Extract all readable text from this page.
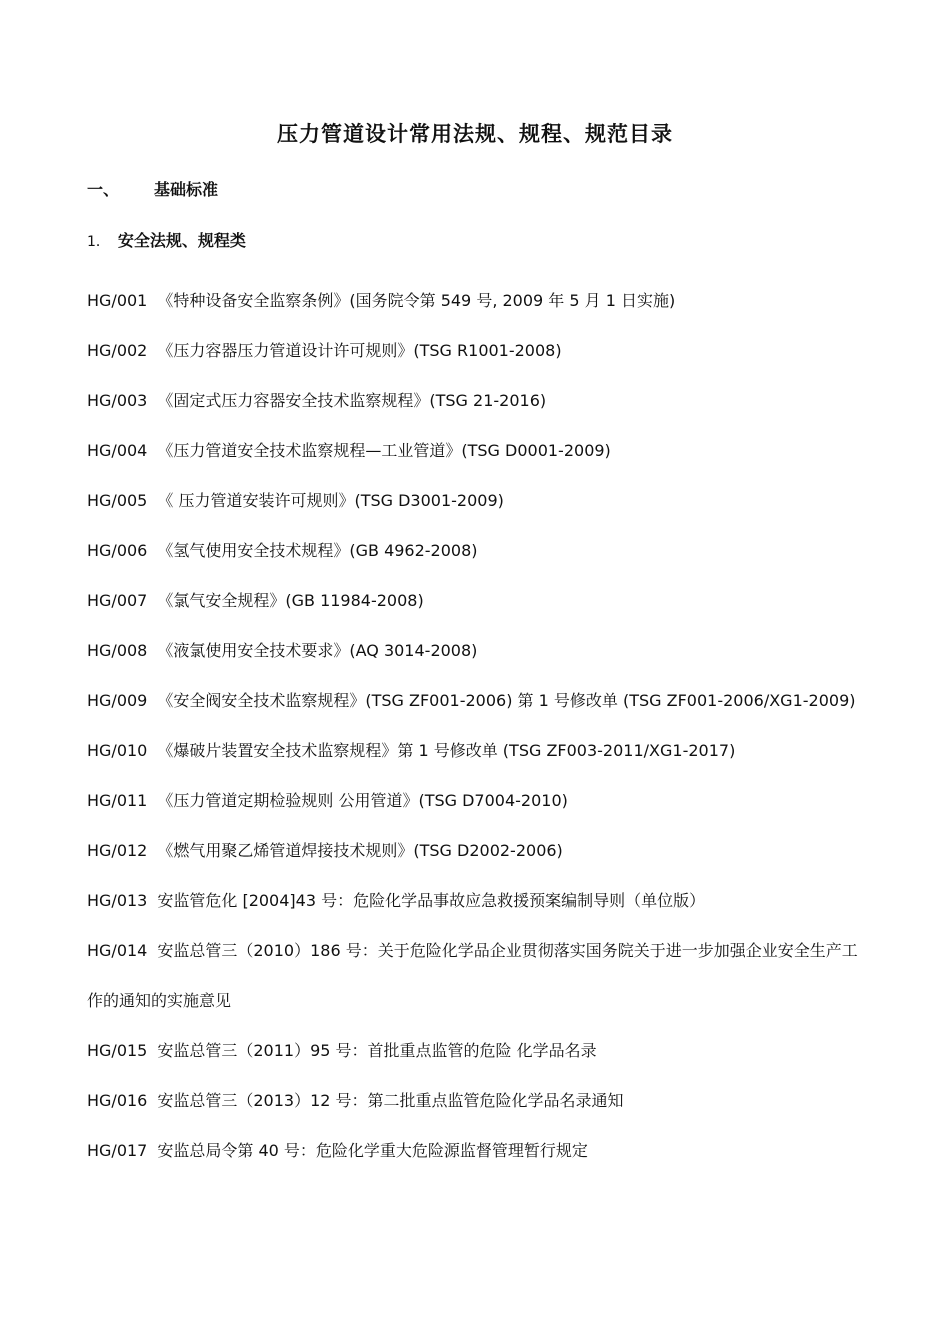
压力管道设计常用法规、规程、规范目录
一、 基础标准
1． 安全法规、规程类
HG/001 《特种设备安全监察条例》(国务院令第 549 号, 2009 年 5 月 1 日实施)
HG/002 《压力容器压力管道设计许可规则》(TSG R1001-2008)
HG/003 《固定式压力容器安全技术监察规程》(TSG 21-2016)
HG/004 《压力管道安全技术监察规程—工业管道》(TSG D0001-2009)
HG/005 《 压力管道安装许可规则》(TSG D3001-2009)
HG/006 《氢气使用安全技术规程》(GB 4962-2008)
HG/007 《氯气安全规程》(GB 11984-2008)
HG/008 《液氯使用安全技术要求》(AQ 3014-2008)
HG/009 《安全阀安全技术监察规程》(TSG ZF001-2006) 第 1 号修改单 (TSG ZF001-2006/XG1-2009)
HG/010 《爆破片装置安全技术监察规程》第 1 号修改单 (TSG ZF003-2011/XG1-2017)
HG/011 《压力管道定期检验规则 公用管道》(TSG D7004-2010)
HG/012 《燃气用聚乙烯管道焊接技术规则》(TSG D2002-2006)
HG/013 安监管危化 [2004]43 号：危险化学品事故应急救援预案编制导则（单位版）
HG/014 安监总管三（2010）186 号：关于危险化学品企业贯彻落实国务院关于进一步加强企业安全生产工作的通知的实施意见
HG/015 安监总管三（2011）95 号：首批重点监管的危险 化学品名录
HG/016 安监总管三（2013）12 号：第二批重点监管危险化学品名录通知
HG/017 安监总局令第 40 号：危险化学重大危险源监督管理暂行规定
